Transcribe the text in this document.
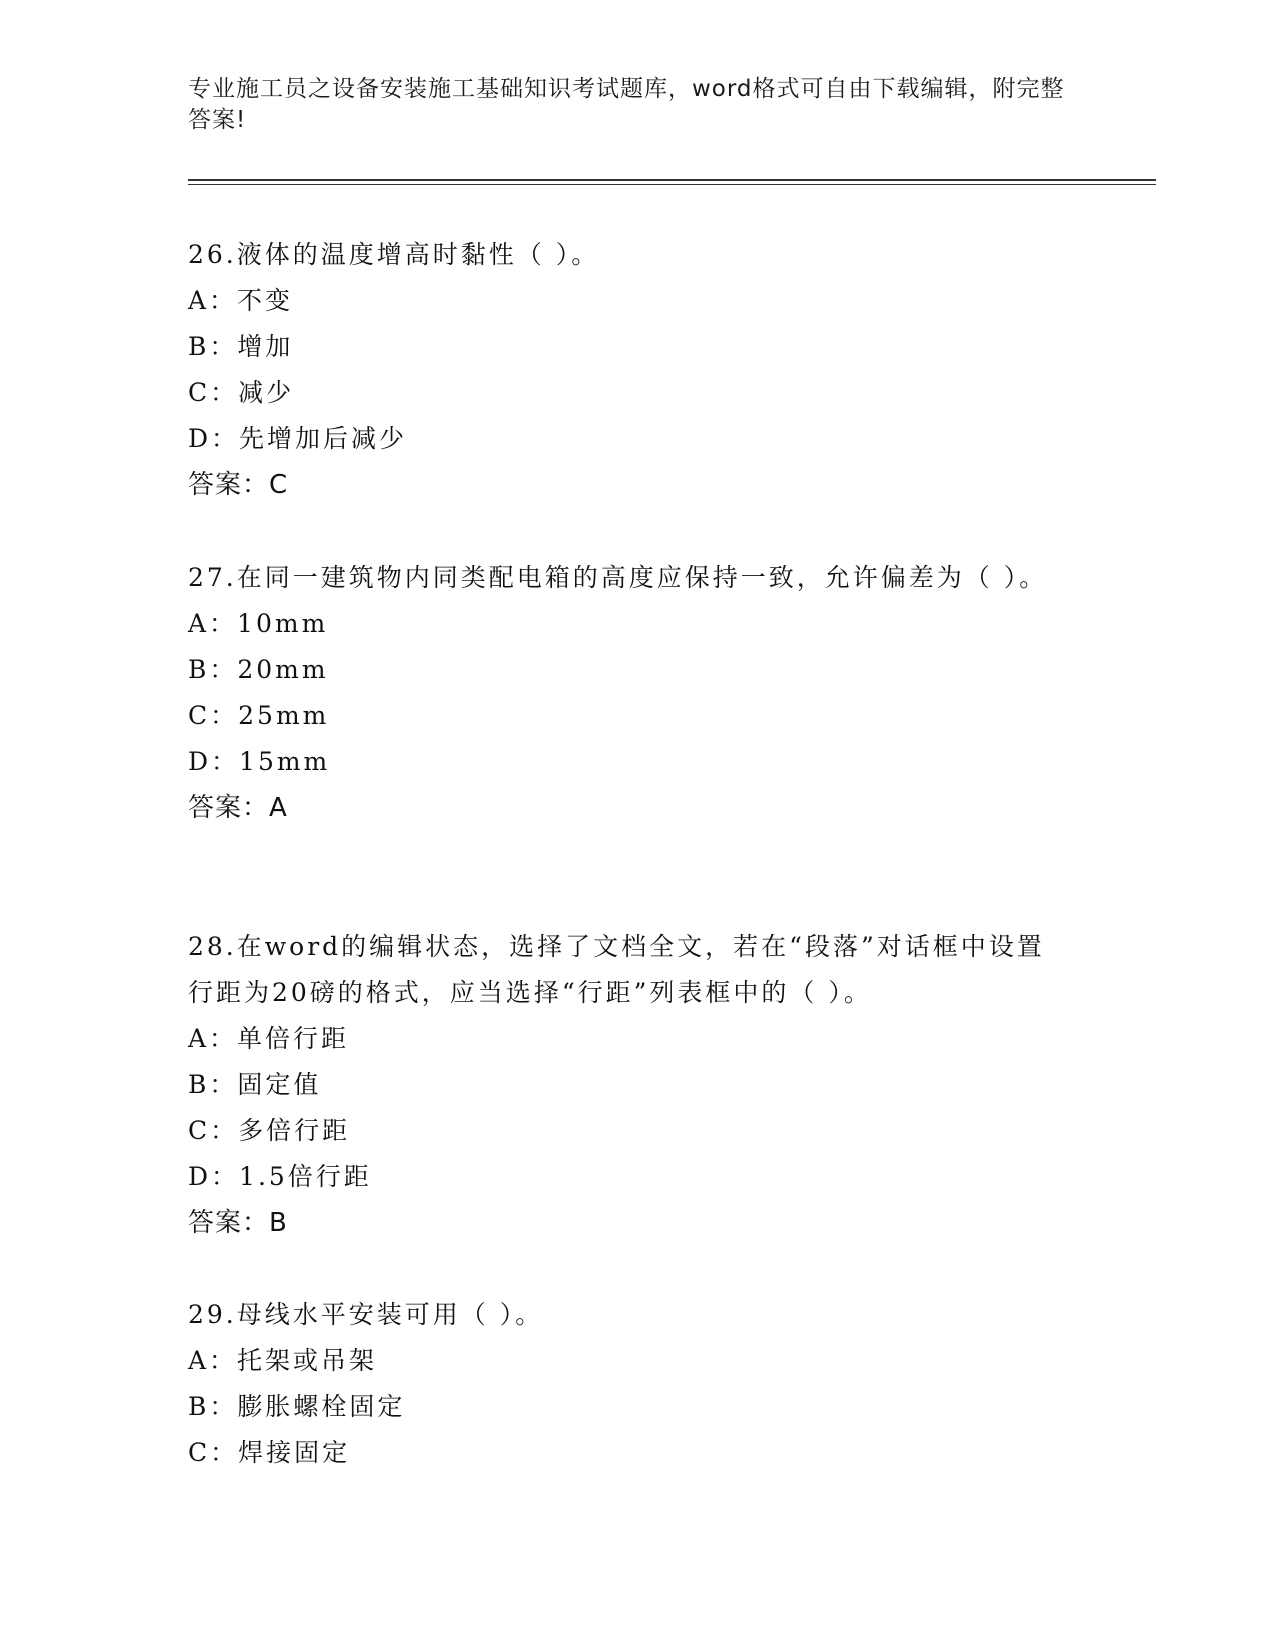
专业施工员之设备安装施工基础知识考试题库，word格式可自由下载编辑，附完整答案!

26.液体的温度增高时黏性（ ）。

A：不变

B：增加

C：减少

D：先增加后减少

答案：C

27.在同一建筑物内同类配电箱的高度应保持一致，允许偏差为（ ）。

A：10mm

B：20mm

C：25mm

D：15mm

答案：A

28.在word的编辑状态，选择了文档全文，若在“段落”对话框中设置行距为20磅的格式，应当选择“行距”列表框中的（ ）。

A：单倍行距

B：固定值

C：多倍行距

D：1.5倍行距

答案：B

29.母线水平安装可用（ ）。

A：托架或吊架

B：膨胀螺栓固定

C：焊接固定
